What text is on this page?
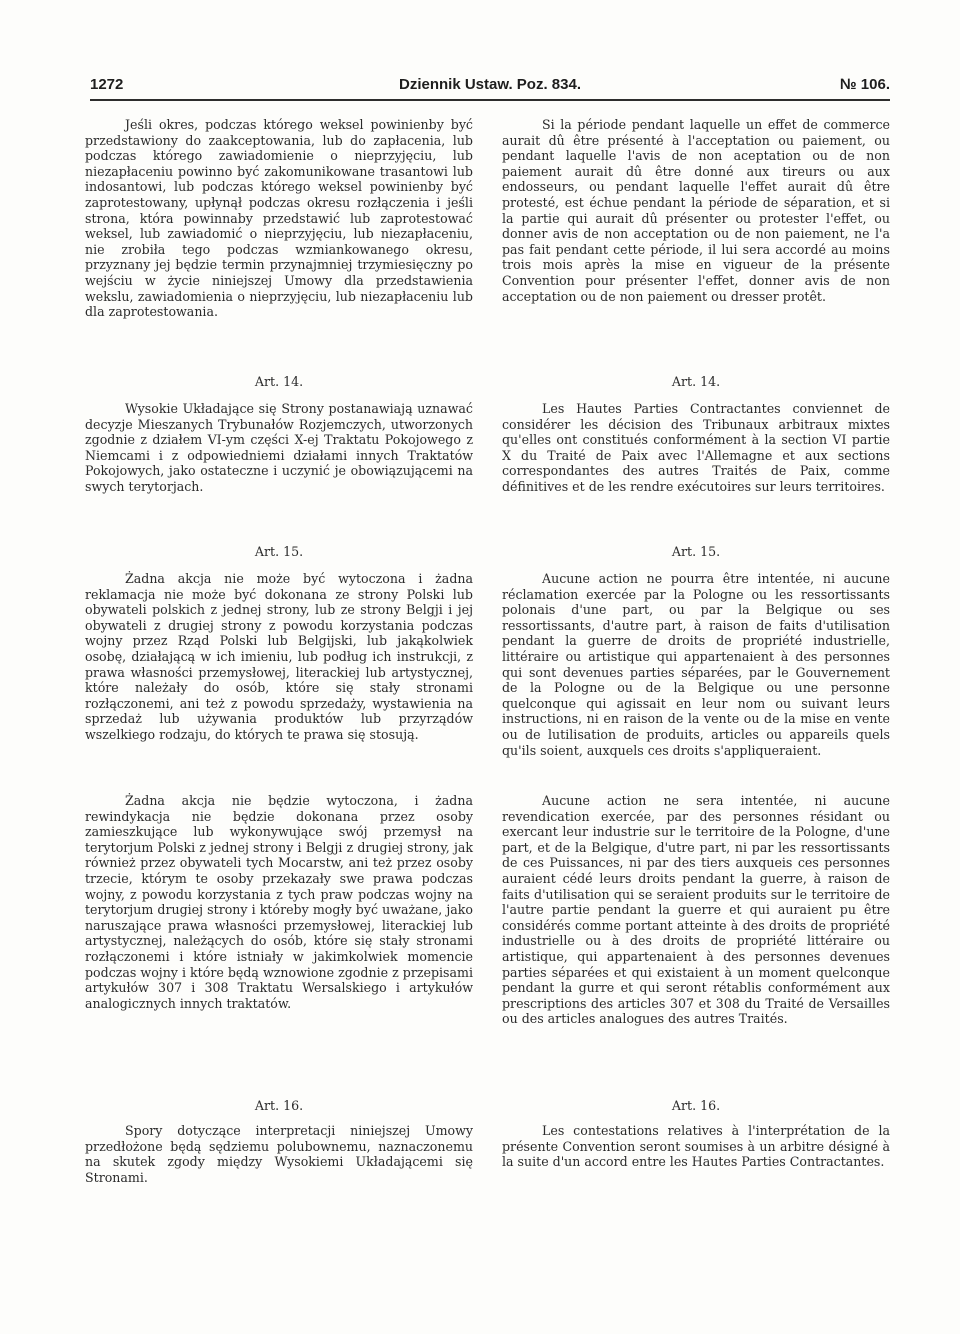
1272	Dziennik Ustaw. Poz. 834.	№ 106.

Jeśli okres, podczas którego weksel powinienby być przedstawiony do zaakceptowania, lub do zapłacenia, lub podczas którego zawiadomienie o nieprzyjęciu, lub niezapłaceniu powinno być zakomunikowane trasantowi lub indosantowi, lub podczas którego weksel powinienby być zaprotestowany, upłynął podczas okresu rozłączenia i jeśli strona, która powinnaby przedstawić lub zaprotestować weksel, lub zawiadomić o nieprzyjęciu, lub niezapłaceniu, nie zrobiła tego podczas wzmiankowanego okresu, przyznany jej będzie termin przynajmniej trzymiesięczny po wejściu w życie niniejszej Umowy dla przedstawienia wekslu, zawiadomienia o nieprzyjęciu, lub niezapłaceniu lub dla zaprotestowania.

Si la période pendant laquelle un effet de commerce aurait dû être présenté à l'acceptation ou paiement, ou pendant laquelle l'avis de non aceptation ou de non paiement aurait dû être donné aux tireurs ou aux endosseurs, ou pendant laquelle l'effet aurait dû être protesté, est échue pendant la période de séparation, et si la partie qui aurait dû présenter ou protester l'effet, ou donner avis de non acceptation ou de non paiement, ne l'a pas fait pendant cette période, il lui sera accordé au moins trois mois après la mise en vigueur de la présente Convention pour présenter l'effet, donner avis de non acceptation ou de non paiement ou dresser protêt.

Art. 14.	Art. 14.

Wysokie Układające się Strony postanawiają uznawać decyzje Mieszanych Trybunałów Rozjemczych, utworzonych zgodnie z działem VI-ym części X-ej Traktatu Pokojowego z Niemcami i z odpowiedniemi działami innych Traktatów Pokojowych, jako ostateczne i uczynić je obowiązującemi na swych terytorjach.

Les Hautes Parties Contractantes conviennet de considérer les décision des Tribunaux arbitraux mixtes qu'elles ont constitués conformément à la section VI partie X du Traité de Paix avec l'Allemagne et aux sections correspondantes des autres Traités de Paix, comme définitives et de les rendre exécutoires sur leurs territoires.

Art. 15.	Art. 15.

Żadna akcja nie może być wytoczona i żadna reklamacja nie może być dokonana ze strony Polski lub obywateli polskich z jednej strony, lub ze strony Belgji i jej obywateli z drugiej strony z powodu korzystania podczas wojny przez Rząd Polski lub Belgijski, lub jakąkolwiek osobę, działającą w ich imieniu, lub podług ich instrukcji, z prawa własności przemysłowej, literackiej lub artystycznej, które należały do osób, które się stały stronami rozłączonemi, ani też z powodu sprzedaży, wystawienia na sprzedaż lub używania produktów lub przyrządów wszelkiego rodzaju, do których te prawa się stosują.

Aucune action ne pourra être intentée, ni aucune réclamation exercée par la Pologne ou les ressortissants polonais d'une part, ou par la Belgique ou ses ressortissants, d'autre part, à raison de faits d'utilisation pendant la guerre de droits de propriété industrielle, littéraire ou artistique qui appartenaient à des personnes qui sont devenues parties séparées, par le Gouvernement de la Pologne ou de la Belgique ou une personne quelconque qui agissait en leur nom ou suivant leurs instructions, ni en raison de la vente ou de la mise en vente ou de lutilisation de produits, articles ou appareils quels qu'ils soient, auxquels ces droits s'appliqueraient.

Żadna akcja nie będzie wytoczona, i żadna rewindykacja nie będzie dokonana przez osoby zamieszkujące lub wykonywujące swój przemysł na terytorjum Polski z jednej strony i Belgji z drugiej strony, jak również przez obywateli tych Mocarstw, ani też przez osoby trzecie, którym te osoby przekazały swe prawa podczas wojny, z powodu korzystania z tych praw podczas wojny na terytorjum drugiej strony i któreby mogły być uważane, jako naruszające prawa własności przemysłowej, literackiej lub artystycznej, należących do osób, które się stały stronami rozłączonemi i które istniały w jakimkolwiek momencie podczas wojny i które będą wznowione zgodnie z przepisami artykułów 307 i 308 Traktatu Wersalskiego i artykułów analogicznych innych traktatów.

Aucune action ne sera intentée, ni aucune revendication exercée, par des personnes résidant ou exercant leur industrie sur le territoire de la Pologne, d'une part, et de la Belgique, d'utre part, ni par les ressortissants de ces Puissances, ni par des tiers auxqueis ces personnes auraient cédé leurs droits pendant la guerre, à raison de faits d'utilisation qui se seraient produits sur le territoire de l'autre partie pendant la guerre et qui auraient pu être considérés comme portant atteinte à des droits de propriété industrielle ou à des droits de propriété littéraire ou artistique, qui appartenaient à des personnes devenues parties séparées et qui existaient à un moment quelconque pendant la gurre et qui seront rétablis conformément aux prescriptions des articles 307 et 308 du Traité de Versailles ou des articles analogues des autres Traités.

Art. 16.	Art. 16.

Spory dotyczące interpretacji niniejszej Umowy przedłożone będą sędziemu polubownemu, naznaczonemu na skutek zgody między Wysokiemi Układającemi się Stronami.

Les contestations relatives à l'interprétation de la présente Convention seront soumises à un arbitre désigné à la suite d'un accord entre les Hautes Parties Contractantes.
